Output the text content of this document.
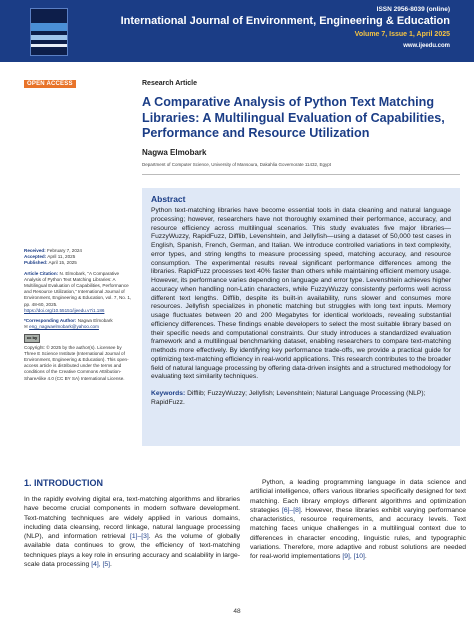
ISSN 2956-8039 (online)
International Journal of Environment, Engineering & Education
Volume 7, Issue 1, April 2025
www.ijeedu.com
OPEN ACCESS	Research Article
A Comparative Analysis of Python Text Matching Libraries: A Multilingual Evaluation of Capabilities, Performance and Resource Utilization
Nagwa Elmobark
Department of Computer Science, University of Mansoura, Dakahlia Governorate 11432, Egypt
Abstract

Python text-matching libraries have become essential tools in data cleaning and natural language processing; however, researchers have not thoroughly examined their performance, accuracy, and resource efficiency across multilingual scenarios. This study evaluates five major libraries—FuzzyWuzzy, RapidFuzz, Difflib, Levenshtein, and Jellyfish—using a dataset of 50,000 test cases in English, Spanish, French, German, and Italian. We introduce controlled variations in text complexity, error types, and string lengths to measure processing speed, matching accuracy, and resource consumption. The experimental results reveal significant performance differences among the libraries. RapidFuzz processes text 40% faster than others while maintaining efficient memory usage. However, its performance varies depending on language and error type. Levenshtein achieves higher accuracy when handling non-Latin characters, while FuzzyWuzzy consistently performs well across different text lengths. Difflib, despite its built-in availability, runs slower and consumes more resources. Jellyfish specializes in phonetic matching but struggles with long text inputs. Memory usage fluctuates between 20 and 200 Megabytes for identical workloads, revealing substantial efficiency differences. These findings enable developers to select the most suitable library based on their specific needs and computational constraints. Our study introduces a standardized evaluation framework and a multilingual benchmarking dataset, enabling researchers to compare text-matching methods more effectively. By identifying key performance trade-offs, we provide a practical guide for optimizing text-matching efficiency in real-world applications. This research contributes to the broader field of natural language processing by offering data-driven insights and a structured methodology for evaluating text similarity techniques.

Keywords: Difflib; FuzzyWuzzy; Jellyfish; Levenshtein; Natural Language Processing (NLP); RapidFuzz.

Received: February 7, 2024
Accepted: April 11, 2025
Published: April 15, 2025

Article Citation: N. Elmobark, "A Comparative Analysis of Python Text Matching Libraries: A Multilingual Evaluation of Capabilities, Performance and Resource Utilization," International Journal of Environment, Engineering & Education, vol. 7, No. 1, pp. 48-60, 2025. https://doi.org/10.55151/ijeedu.v7i1.186

*Corresponding Author: Nagwa Elmobark
✉ eng_nagwaelmobark@yahoo.com

cc by

Copyright: © 2025 by the author(s). Licensee by Three E Science Institute (International Journal of Environment, Engineering & Education). This open-access article is distributed under the terms and conditions of the Creative Commons Attribution-ShareAlike 4.0 (CC BY SA) International License.

1. INTRODUCTION

In the rapidly evolving digital era, text-matching algorithms and libraries have become crucial components in modern software development. Text-matching techniques are widely applied in various domains, including data cleansing, record linkage, natural language processing (NLP), and information retrieval [1]–[3]. As the volume of globally available data continues to grow, the efficiency of text-matching techniques plays a key role in ensuring accuracy and scalability in large-scale data processing [4], [5].

Python, a leading programming language in data science and artificial intelligence, offers various libraries specifically designed for text matching. Each library employs different algorithms and optimization strategies [6]–[8]. However, these libraries exhibit varying performance characteristics, resource requirements, and accuracy levels. Text matching faces unique challenges in a multilingual context due to differences in character encoding, linguistic rules, and typographic variations. Therefore, more adaptive and robust solutions are needed for real-world implementations [9], [10].

48
